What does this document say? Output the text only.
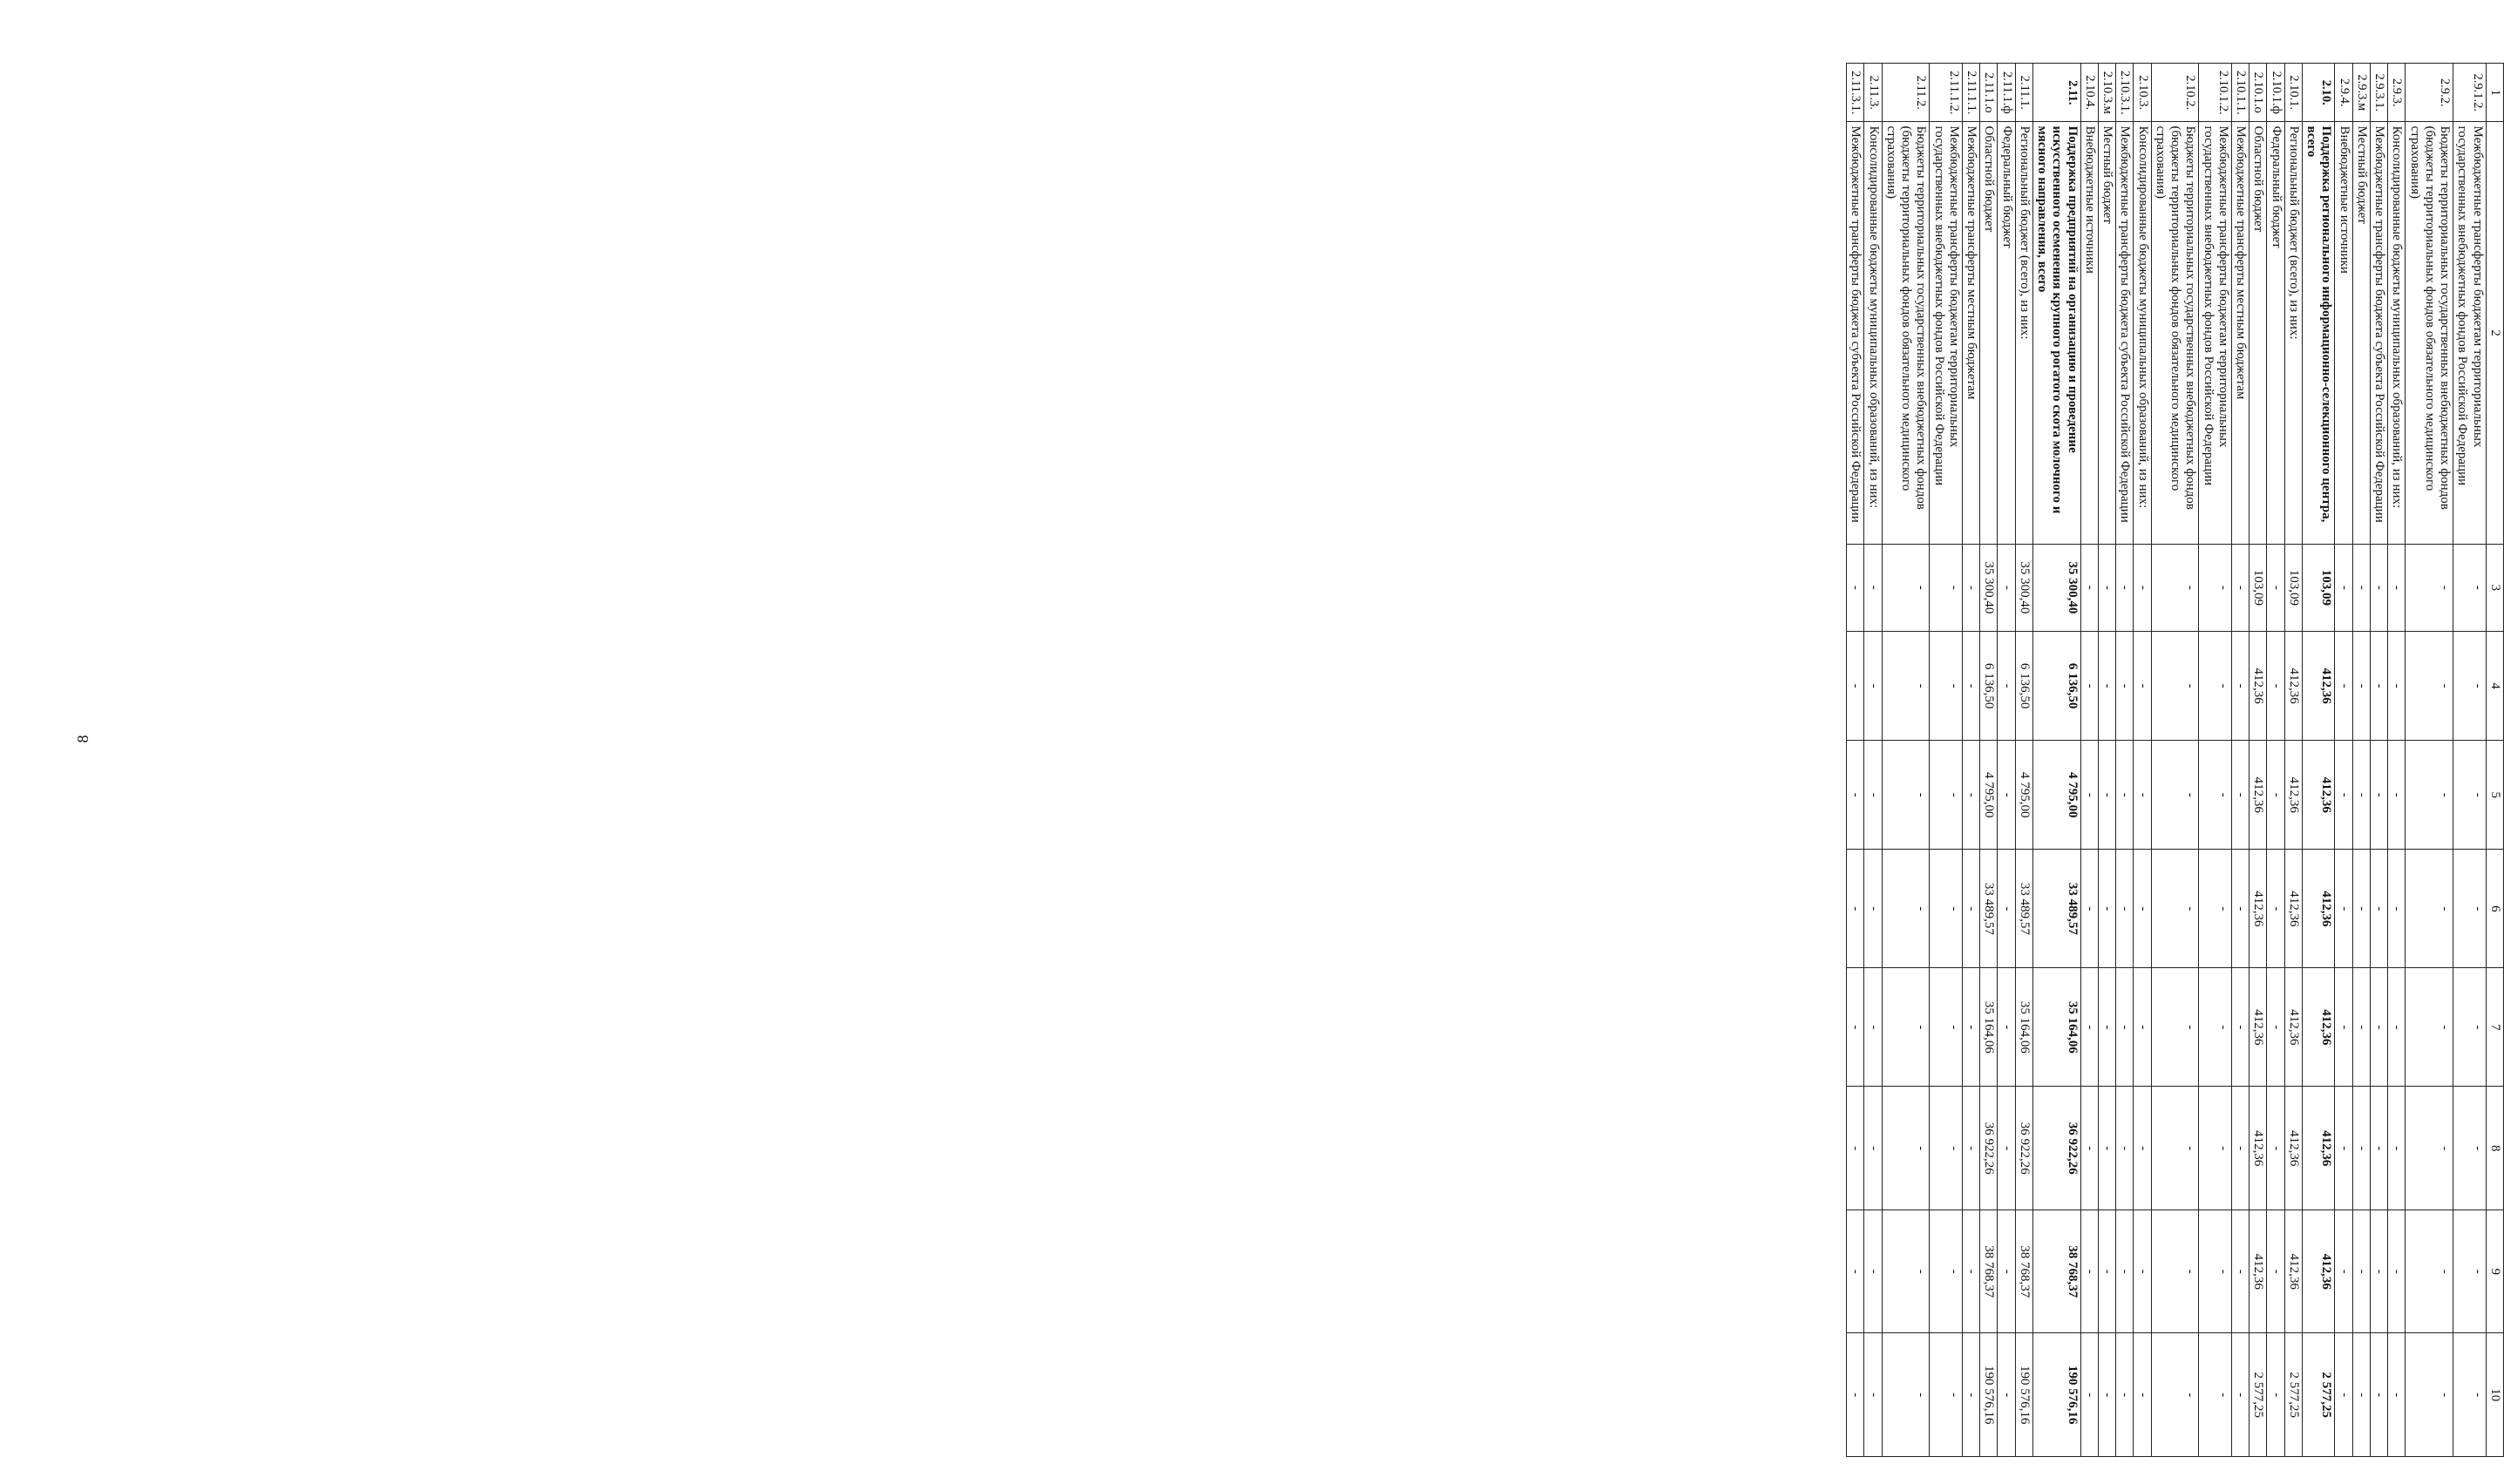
8
1	2	3	4	5	6	7	8	9	10
2.9.1.2.	Межбюджетные трансферты бюджетам территориальных государственных внебюджетных фондов Российской Федерации	-	-	-	-	-	-	-	-
2.9.2.	Бюджеты территориальных государственных внебюджетных фондов (бюджеты территориальных фондов обязательного медицинского страхования)	-	-	-	-	-	-	-	-
2.9.3.	Консолидированные бюджеты муниципальных образований, из них:	-	-	-	-	-	-	-	-
2.9.3.1.	Межбюджетные трансферты бюджета субъекта Российской Федерации	-	-	-	-	-	-	-	-
2.9.3.м	Местный бюджет	-	-	-	-	-	-	-	-
2.9.4.	Внебюджетные источники	-	-	-	-	-	-	-	-
2.10.	Поддержка регионального информационно-селекционного центра, всего	103,09	412,36	412,36	412,36	412,36	412,36	412,36	2 577,25
2.10.1.	Региональный бюджет (всего), из них:	103,09	412,36	412,36	412,36	412,36	412,36	412,36	2 577,25
2.10.1.ф	Федеральный бюджет	-	-	-	-	-	-	-	-
2.10.1.о	Областной бюджет	103,09	412,36	412,36	412,36	412,36	412,36	412,36	2 577,25
2.10.1.1.	Межбюджетные трансферты местным бюджетам	-	-	-	-	-	-	-	-
2.10.1.2.	Межбюджетные трансферты бюджетам территориальных государственных внебюджетных фондов Российской Федерации	-	-	-	-	-	-	-	-
2.10.2.	Бюджеты территориальных государственных внебюджетных фондов (бюджеты территориальных фондов обязательного медицинского страхования)	-	-	-	-	-	-	-	-
2.10.3.	Консолидированные бюджеты муниципальных образований, из них:	-	-	-	-	-	-	-	-
2.10.3.1.	Межбюджетные трансферты бюджета субъекта Российской Федерации	-	-	-	-	-	-	-	-
2.10.3.м	Местный бюджет	-	-	-	-	-	-	-	-
2.10.4.	Внебюджетные источники	-	-	-	-	-	-	-	-
2.11.	Поддержка предприятий на организацию и проведение искусственного осеменения крупного рогатого скота молочного и мясного направления, всего	35 300,40	6 136,50	4 795,00	33 489,57	35 164,06	36 922,26	38 768,37	190 576,16
2.11.1.	Региональный бюджет (всего), из них:	35 300,40	6 136,50	4 795,00	33 489,57	35 164,06	36 922,26	38 768,37	190 576,16
2.11.1.ф	Федеральный бюджет	-	-	-	-	-	-	-	-
2.11.1.о	Областной бюджет	35 300,40	6 136,50	4 795,00	33 489,57	35 164,06	36 922,26	38 768,37	190 576,16
2.11.1.1.	Межбюджетные трансферты местным бюджетам	-	-	-	-	-	-	-	-
2.11.1.2.	Межбюджетные трансферты бюджетам территориальных государственных внебюджетных фондов Российской Федерации	-	-	-	-	-	-	-	-
2.11.2.	Бюджеты территориальных государственных внебюджетных фондов (бюджеты территориальных фондов обязательного медицинского страхования)	-	-	-	-	-	-	-	-
2.11.3.	Консолидированные бюджеты муниципальных образований, из них:	-	-	-	-	-	-	-	-
2.11.3.1.	Межбюджетные трансферты бюджета субъекта Российской Федерации	-	-	-	-	-	-	-	-
